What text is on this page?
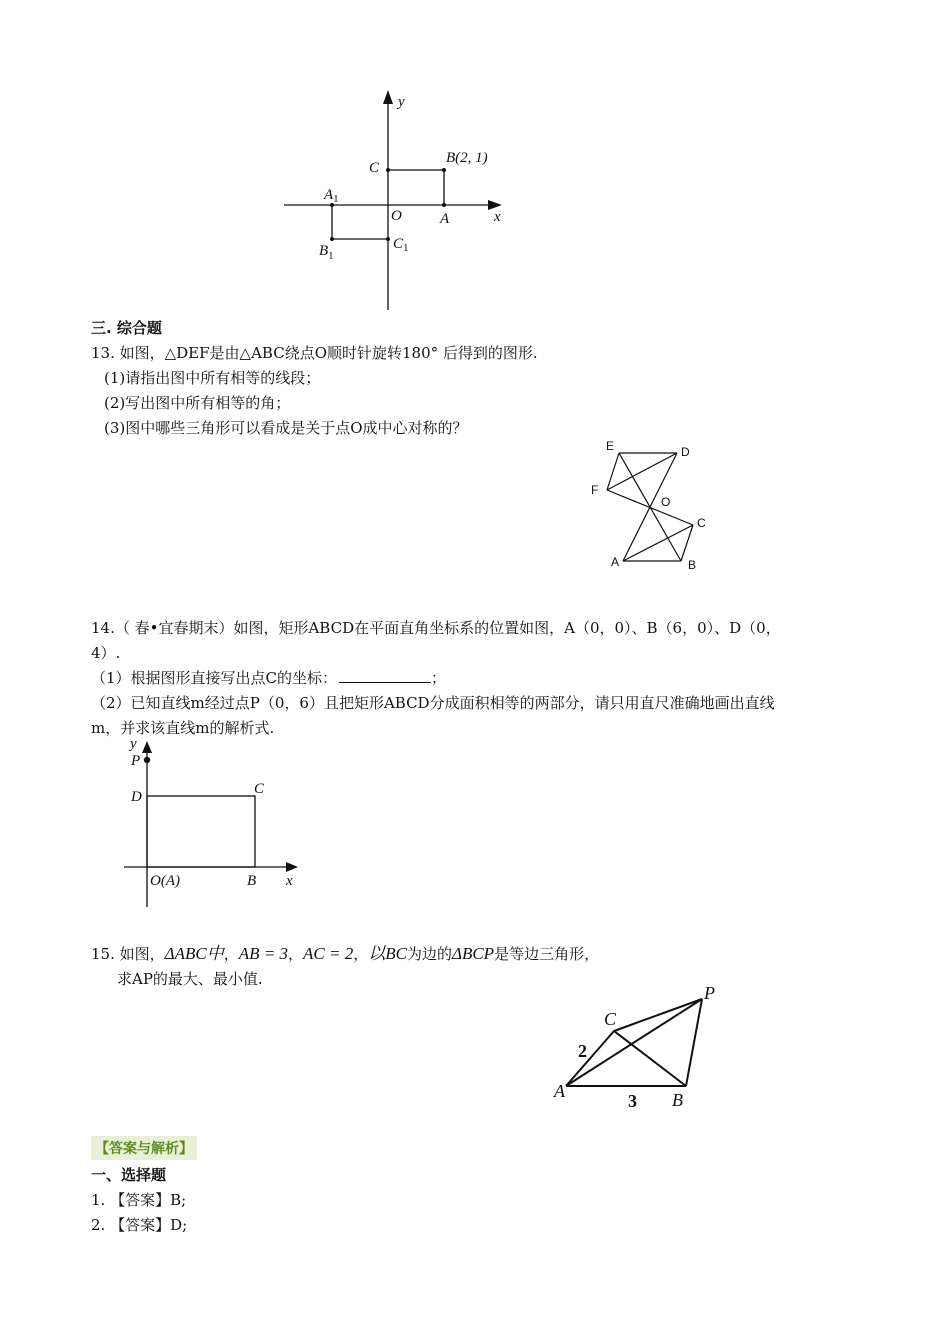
y
x
O
C
B(2, 1)
A
$A_1$
$B_1$
$C_1$
三. 综合题
13. 如图，△DEF是由△ABC绕点O顺时针旋转180° 后得到的图形.
(1)请指出图中所有相等的线段；
(2)写出图中所有相等的角；
(3)图中哪些三角形可以看成是关于点O成中心对称的？
E	D
F
O
C
A	B
14.（ 春•宜春期末）如图，矩形ABCD在平面直角坐标系的位置如图，A（0，0）、B（6，0）、D（0，
4）.
（1）根据图形直接写出点C的坐标：	；
（2）已知直线m经过点P（0，6）且把矩形ABCD分成面积相等的两部分，请只用直尺准确地画出直线
m，并求该直线m的解析式.
y
P
D	C
O(A)	B x
15. 如图，ΔABC中，AB = 3，AC = 2，以BC为边的ΔBCP是等边三角形，
求AP的最大、最小值.
P
C
2
A	3 B
【答案与解析】
一、选择题
1. 【答案】B;
2. 【答案】D;
